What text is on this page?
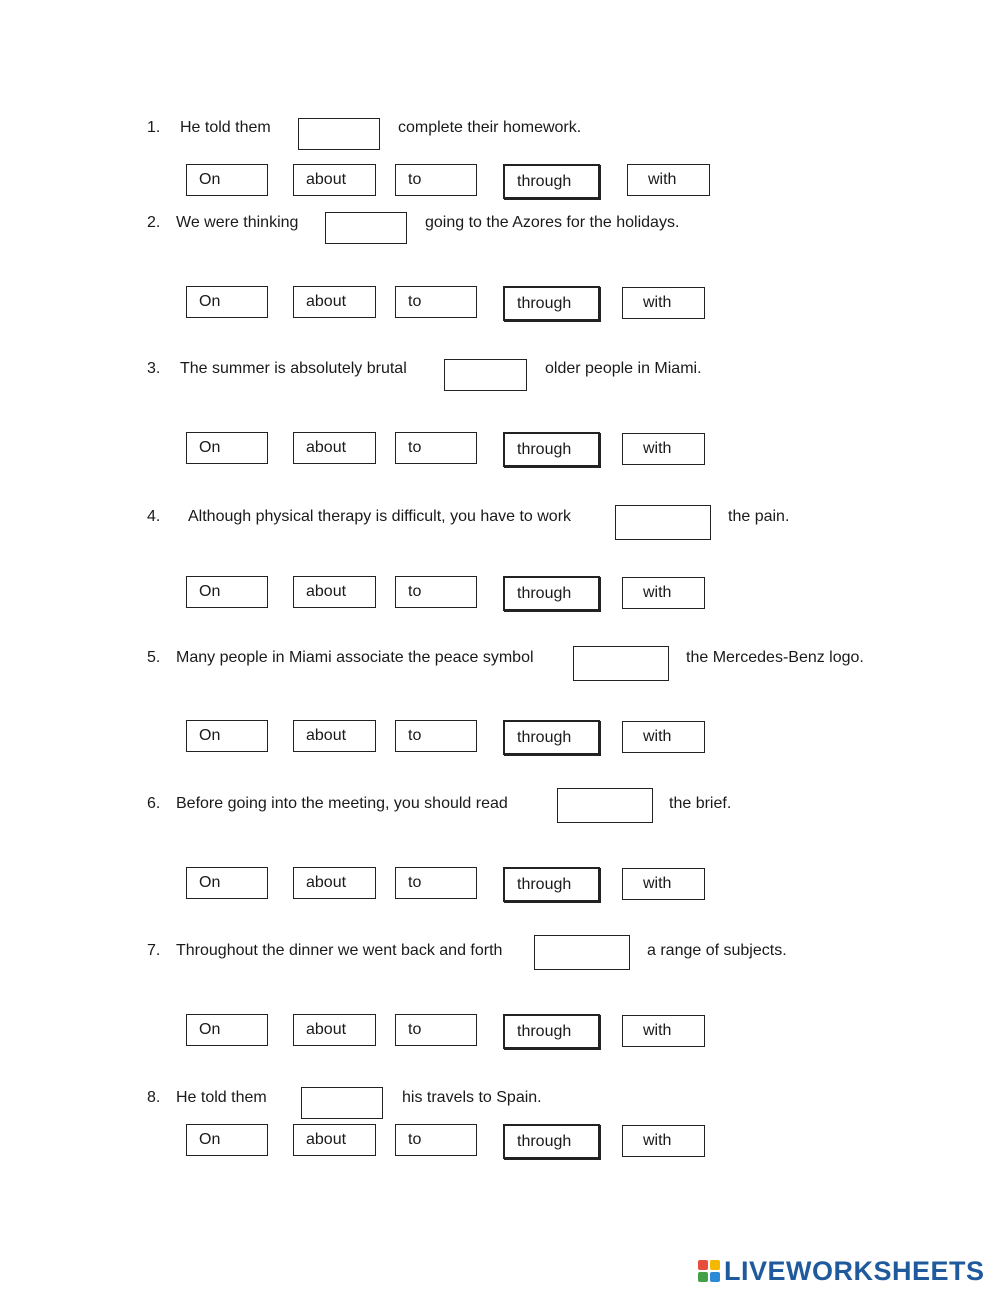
1. He told them	complete their homework.
On	about	to	through	with
2. We were thinking	going to the Azores for the holidays.
On	about	to	through	with
3. The summer is absolutely brutal	older people in Miami.
On	about	to	through	with
4. Although physical therapy is difficult, you have to work	the pain.
On	about	to	through	with
5. Many people in Miami associate the peace symbol	the Mercedes-Benz logo.
On	about	to	through	with
6. Before going into the meeting, you should read	the brief.
On	about	to	through	with
7. Throughout the dinner we went back and forth	a range of subjects.
On	about	to	through	with
8. He told them	his travels to Spain.
On	about	to	through	with
LIVEWORKSHEETS
